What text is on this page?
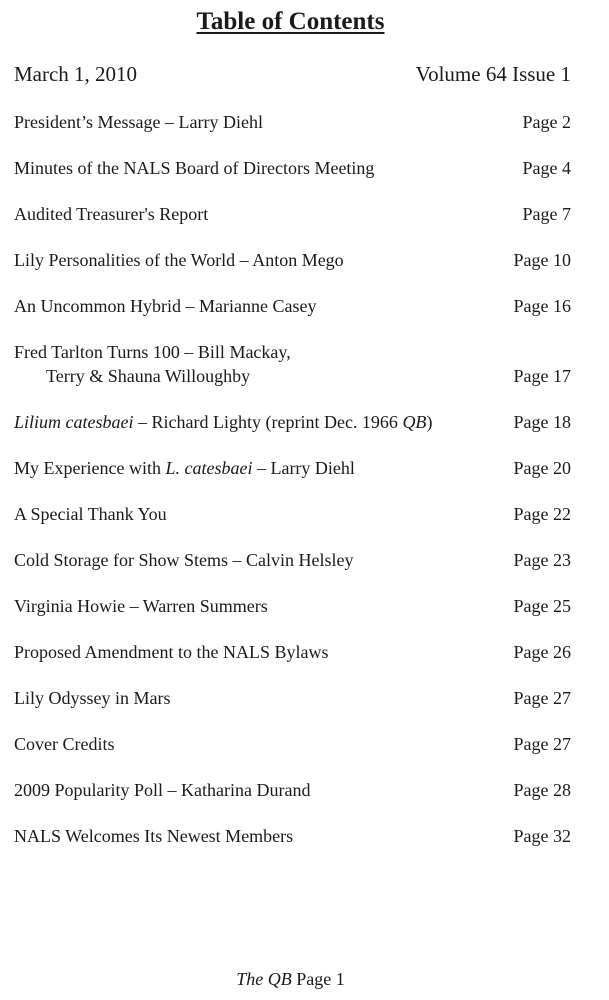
Table of Contents
March 1, 2010	Volume 64 Issue 1
President’s Message – Larry Diehl	Page 2
Minutes of the NALS Board of Directors Meeting	Page 4
Audited Treasurer's Report	Page 7
Lily Personalities of the World – Anton Mego	Page 10
An Uncommon Hybrid – Marianne Casey	Page 16
Fred Tarlton Turns 100 – Bill Mackay,
Terry & Shauna Willoughby	Page 17
Lilium catesbaei – Richard Lighty (reprint Dec. 1966 QB)	Page 18
My Experience with L. catesbaei – Larry Diehl	Page 20
A Special Thank You	Page 22
Cold Storage for Show Stems – Calvin Helsley	Page 23
Virginia Howie – Warren Summers	Page 25
Proposed Amendment to the NALS Bylaws	Page 26
Lily Odyssey in Mars	Page 27
Cover Credits	Page 27
2009 Popularity Poll – Katharina Durand	Page 28
NALS Welcomes Its Newest Members	Page 32
The QB Page 1
